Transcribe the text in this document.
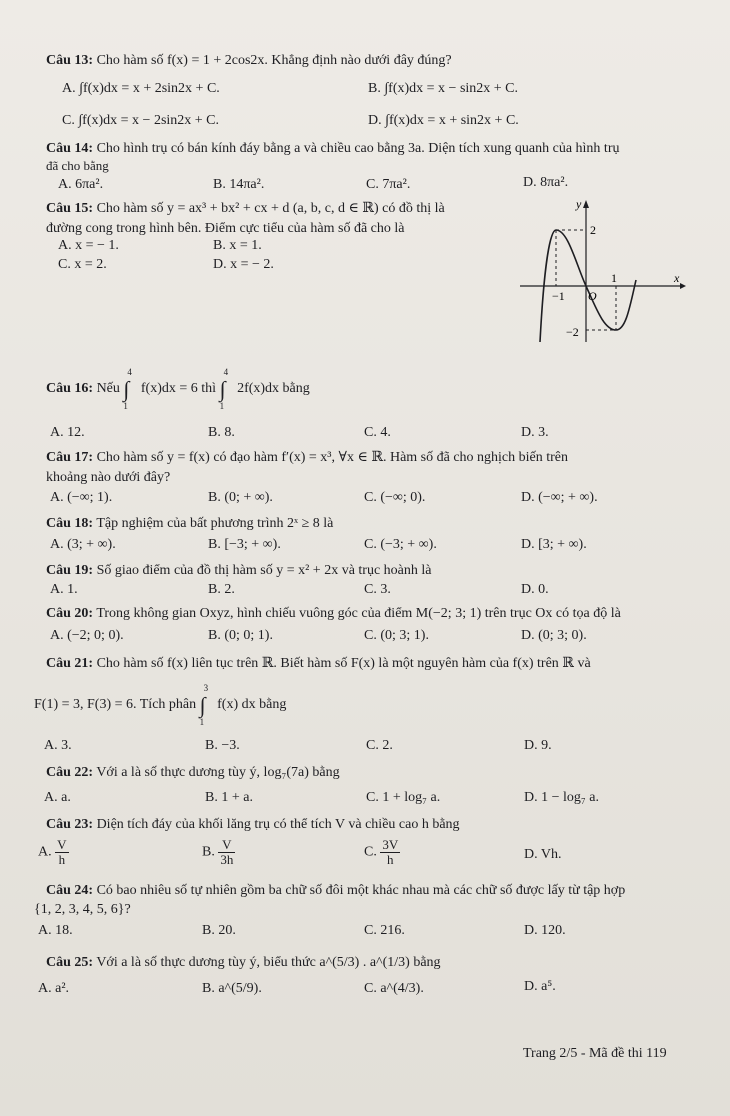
Câu 13: Cho hàm số f(x) = 1 + 2cos2x. Khẳng định nào dưới đây đúng?
A. ∫f(x)dx = x + 2sin2x + C.	B. ∫f(x)dx = x − sin2x + C.
C. ∫f(x)dx = x − 2sin2x + C.	D. ∫f(x)dx = x + sin2x + C.
Câu 14: Cho hình trụ có bán kính đáy bằng a và chiều cao bằng 3a. Diện tích xung quanh của hình trụ
đã cho bằng
A. 6πa².	B. 14πa².	C. 7πa².	D. 8πa².
Câu 15: Cho hàm số y = ax³ + bx² + cx + d (a, b, c, d ∈ ℝ) có đồ thị là
đường cong trong hình bên. Điểm cực tiểu của hàm số đã cho là
A. x = − 1.	B. x = 1.
C. x = 2.	D. x = − 2.
y
x
O
2
−2
−1
1
Câu 16: Nếu
4
∫
1
f(x)dx = 6 thì
4
∫
1
2f(x)dx bằng
A. 12.	B. 8.	C. 4.	D. 3.
Câu 17: Cho hàm số y = f(x) có đạo hàm f′(x) = x³, ∀x ∈ ℝ. Hàm số đã cho nghịch biến trên
khoảng nào dưới đây?
A. (−∞; 1).	B. (0; + ∞).	C. (−∞; 0).	D. (−∞; + ∞).
Câu 18: Tập nghiệm của bất phương trình 2ˣ ≥ 8 là
A. (3; + ∞).	B. [−3; + ∞).	C. (−3; + ∞).	D. [3; + ∞).
Câu 19: Số giao điểm của đồ thị hàm số y = x² + 2x và trục hoành là
A. 1.	B. 2.	C. 3.	D. 0.
Câu 20: Trong không gian Oxyz, hình chiếu vuông góc của điểm M(−2; 3; 1) trên trục Ox có tọa độ là
A. (−2; 0; 0).	B. (0; 0; 1).	C. (0; 3; 1).	D. (0; 3; 0).
Câu 21: Cho hàm số f(x) liên tục trên ℝ. Biết hàm số F(x) là một nguyên hàm của f(x) trên ℝ và
F(1) = 3, F(3) = 6. Tích phân
3
∫
1
f(x) dx bằng
A. 3.	B. −3.	C. 2.	D. 9.
Câu 22: Với a là số thực dương tùy ý, log₇(7a) bằng
A. a.	B. 1 + a.	C. 1 + log₇ a.	D. 1 − log₇ a.
Câu 23: Diện tích đáy của khối lăng trụ có thể tích V và chiều cao h bằng
A. $\frac{V}{h}$	B. $\frac{V}{3h}$	C. $\frac{3V}{h}$	D. Vh.
Câu 24: Có bao nhiêu số tự nhiên gồm ba chữ số đôi một khác nhau mà các chữ số được lấy từ tập hợp
{1, 2, 3, 4, 5, 6}?
A. 18.	B. 20.	C. 216.	D. 120.
Câu 25: Với a là số thực dương tùy ý, biểu thức a^(5/3) . a^(1/3) bằng
A. a².	B. a^(5/9).	C. a^(4/3).	D. a⁵.
Trang 2/5 - Mã đề thi 119
